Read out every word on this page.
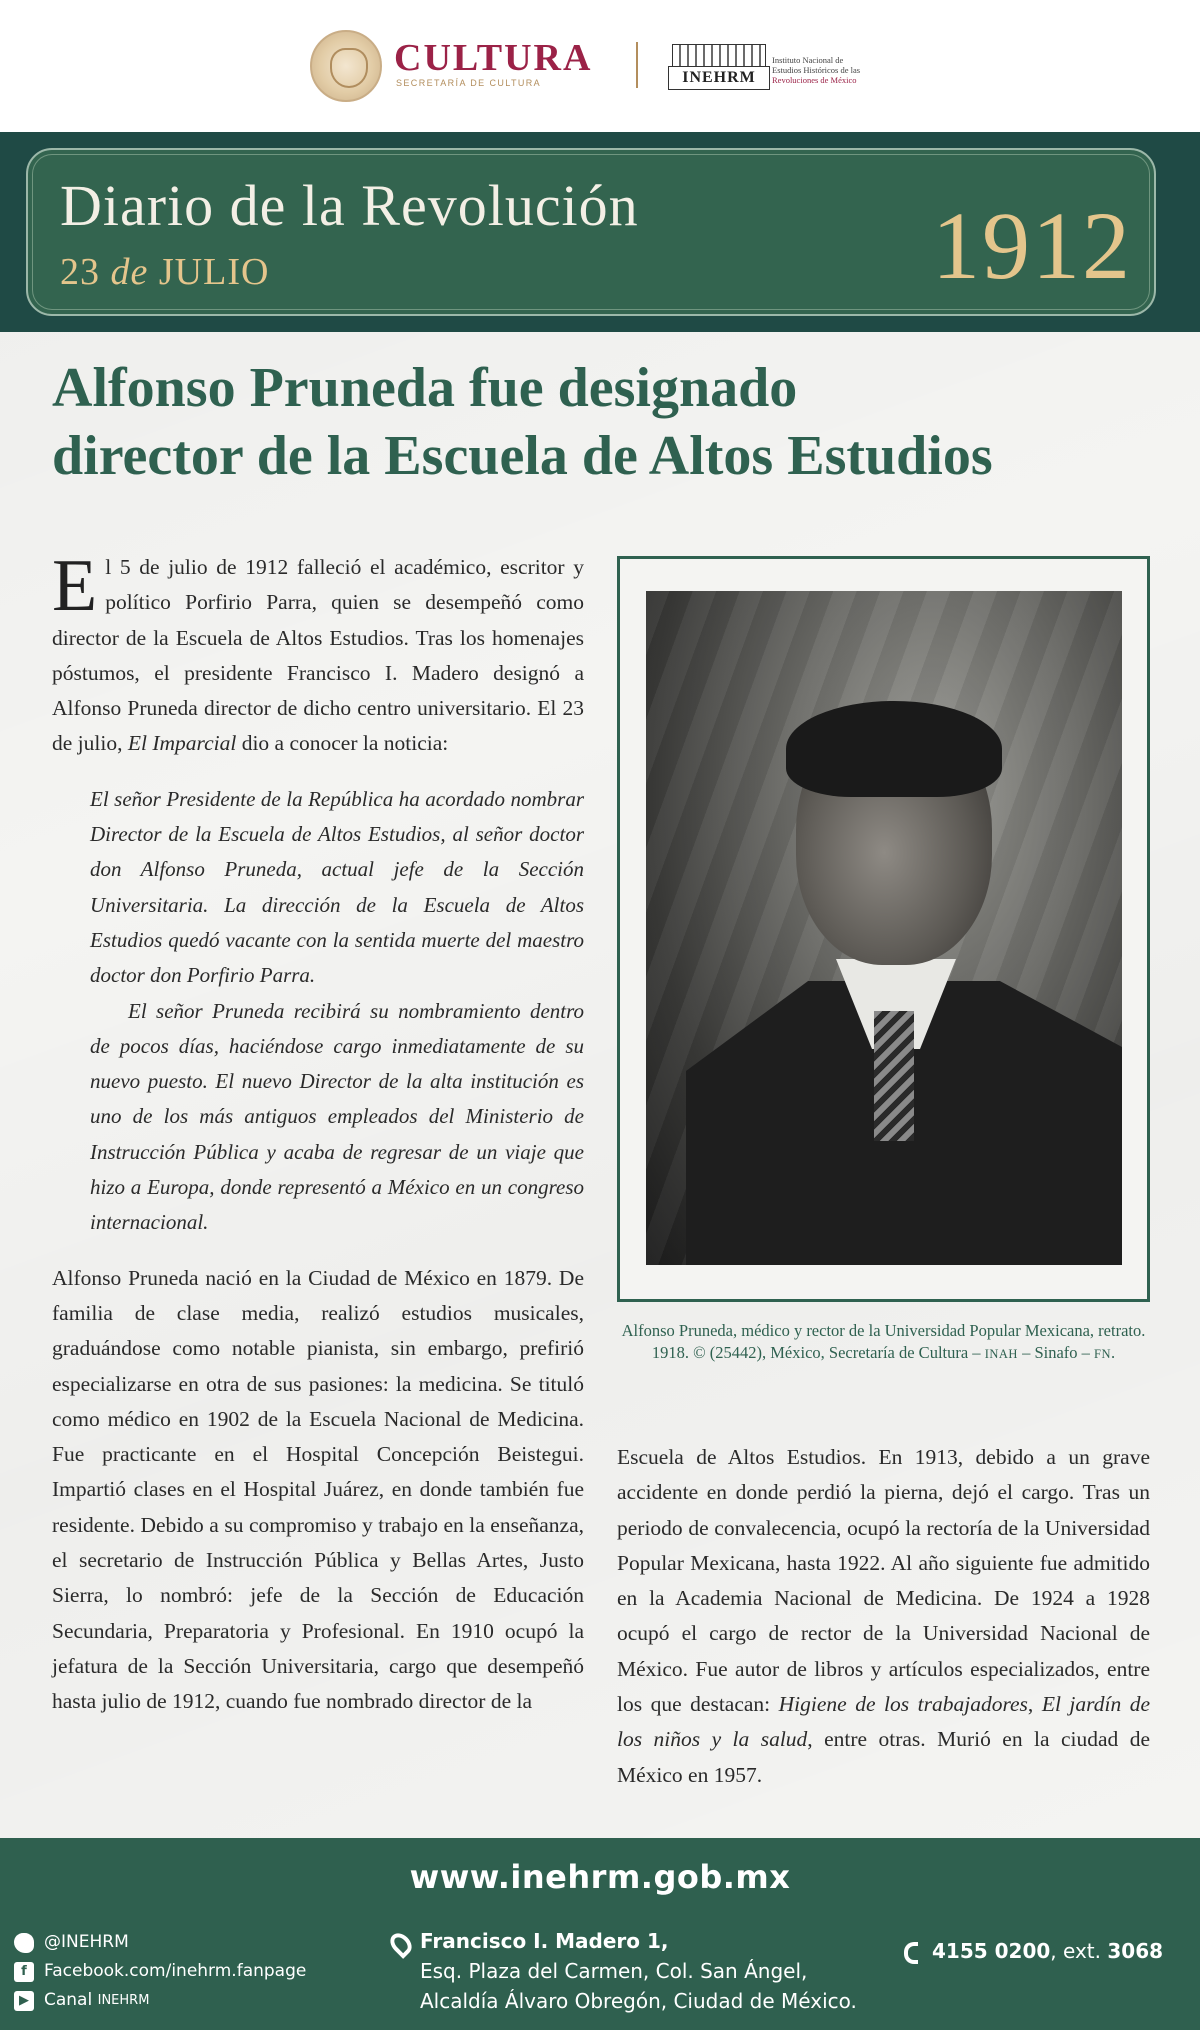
CULTURA
SECRETARÍA DE CULTURA	INEHRM
Instituto Nacional de
Estudios Históricos de las
Revoluciones de México
Diario de la Revolución
23 de JULIO	1912
Alfonso Pruneda fue designado
director de la Escuela de Altos Estudios

El 5 de julio de 1912 falleció el académico, escritor y político Porfirio Parra, quien se desempeñó como director de la Escuela de Altos Estudios. Tras los homenajes póstumos, el presidente Francisco I. Madero designó a Alfonso Pruneda director de dicho centro universitario. El 23 de julio, El Imparcial dio a conocer la noticia:

El señor Presidente de la República ha acordado nombrar Director de la Escuela de Altos Estudios, al señor doctor don Alfonso Pruneda, actual jefe de la Sección Universitaria. La dirección de la Escuela de Altos Estudios quedó vacante con la sentida muerte del maestro doctor don Porfirio Parra.

El señor Pruneda recibirá su nombramiento dentro de pocos días, haciéndose cargo inmediatamente de su nuevo puesto. El nuevo Director de la alta institución es uno de los más antiguos empleados del Ministerio de Instrucción Pública y acaba de regresar de un viaje que hizo a Europa, donde representó a México en un congreso internacional.

Alfonso Pruneda nació en la Ciudad de México en 1879. De familia de clase media, realizó estudios musicales, graduándose como notable pianista, sin embargo, prefirió especializarse en otra de sus pasiones: la medicina. Se tituló como médico en 1902 de la Escuela Nacional de Medicina. Fue practicante en el Hospital Concepción Beistegui. Impartió clases en el Hospital Juárez, en donde también fue residente. Debido a su compromiso y trabajo en la enseñanza, el secretario de Instrucción Pública y Bellas Artes, Justo Sierra, lo nombró: jefe de la Sección de Educación Secundaria, Preparatoria y Profesional. En 1910 ocupó la jefatura de la Sección Universitaria, cargo que desempeñó hasta julio de 1912, cuando fue nombrado director de la

Alfonso Pruneda, médico y rector de la Universidad Popular Mexicana, retrato. 1918. © (25442), México, Secretaría de Cultura – INAH – Sinafo – FN.

Escuela de Altos Estudios. En 1913, debido a un grave accidente en donde perdió la pierna, dejó el cargo. Tras un periodo de convalecencia, ocupó la rectoría de la Universidad Popular Mexicana, hasta 1922. Al año siguiente fue admitido en la Academia Nacional de Medicina. De 1924 a 1928 ocupó el cargo de rector de la Universidad Nacional de México. Fue autor de libros y artículos especializados, entre los que destacan: Higiene de los trabajadores, El jardín de los niños y la salud, entre otras. Murió en la ciudad de México en 1957.

www.inehrm.gob.mx
@INEHRM
f	Facebook.com/inehrm.fanpage
▶ Canal
INEHRM
Francisco I. Madero 1,
Esq. Plaza del Carmen, Col. San Ángel,
Alcaldía Álvaro Obregón, Ciudad de México.
4155 0200, ext. 3068
